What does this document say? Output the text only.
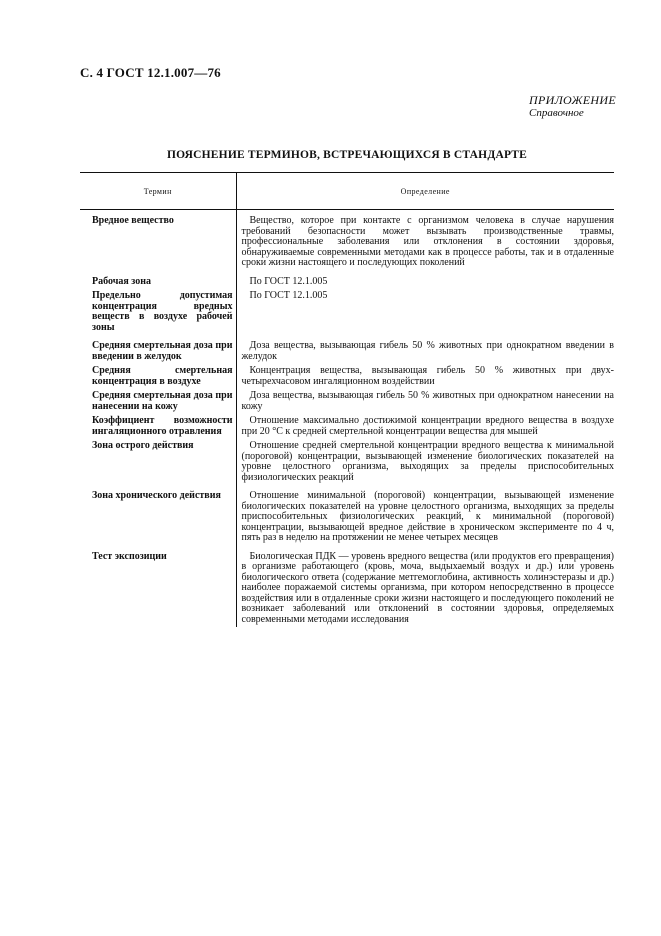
С. 4 ГОСТ 12.1.007—76
ПРИЛОЖЕНИЕ
Справочное
ПОЯСНЕНИЕ ТЕРМИНОВ, ВСТРЕЧАЮЩИХСЯ В СТАНДАРТЕ
Термин	Определение
Вредное вещество	Вещество, которое при контакте с организмом человека в случае нарушения требований безопасности может вызывать производственные травмы, профессиональные заболевания или отклонения в состоянии здоровья, обнаруживаемые современными методами как в процессе работы, так и в отдаленные сроки жизни настоящего и последующих поколений
Рабочая зона	По ГОСТ 12.1.005
Предельно допустимая концентрация вредных веществ в воздухе рабочей зоны	По ГОСТ 12.1.005
Средняя смертельная доза при введении в желудок	Доза вещества, вызывающая гибель 50 % животных при однократном введении в желудок
Средняя смертельная концентрация в воздухе	Концентрация вещества, вызывающая гибель 50 % животных при двух-четырехчасовом ингаляционном воздействии
Средняя смертельная доза при нанесении на кожу	Доза вещества, вызывающая гибель 50 % животных при однократном нанесении на кожу
Коэффициент возможности ингаляционного отравления	Отношение максимально достижимой концентрации вредного вещества в воздухе при 20 °С к средней смертельной концентрации вещества для мышей
Зона острого действия	Отношение средней смертельной концентрации вредного вещества к минимальной (пороговой) концентрации, вызывающей изменение биологических показателей на уровне целостного организма, выходящих за пределы приспособительных физиологических реакций
Зона хронического действия	Отношение минимальной (пороговой) концентрации, вызывающей изменение биологических показателей на уровне целостного организма, выходящих за пределы приспособительных физиологических реакций, к минимальной (пороговой) концентрации, вызывающей вредное действие в хроническом эксперименте по 4 ч, пять раз в неделю на протяжении не менее четырех месяцев
Тест экспозиции	Биологическая ПДК — уровень вредного вещества (или продуктов его превращения) в организме работающего (кровь, моча, выдыхаемый воздух и др.) или уровень биологического ответа (содержание метгемоглобина, активность холинэстеразы и др.) наиболее поражаемой системы организма, при котором непосредственно в процессе воздействия или в отдаленные сроки жизни настоящего и последующего поколений не возникает заболеваний или отклонений в состоянии здоровья, определяемых современными методами исследования
